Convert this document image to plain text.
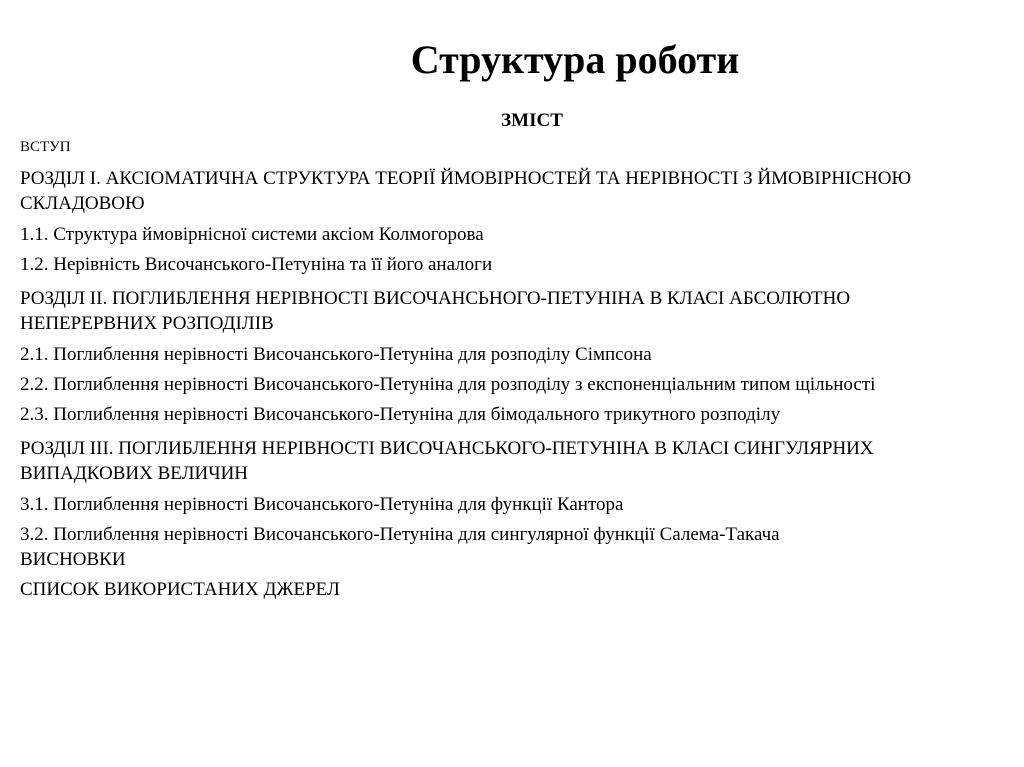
Структура роботи
ЗМІСТ

ВСТУП

РОЗДІЛ І. АКСІОМАТИЧНА СТРУКТУРА ТЕОРІЇ ЙМОВІРНОСТЕЙ ТА НЕРІВНОСТІ З ЙМОВІРНІСНОЮ СКЛАДОВОЮ

1.1. Структура ймовірнісної системи аксіом Колмогорова

1.2. Нерівність Височанського-Петуніна та її його аналоги

РОЗДІЛ ІІ. ПОГЛИБЛЕННЯ НЕРІВНОСТІ ВИСОЧАНСЬНОГО-ПЕТУНІНА В КЛАСІ АБСОЛЮТНО НЕПЕРЕРВНИХ РОЗПОДІЛІВ

2.1. Поглиблення нерівності Височанського-Петуніна для розподілу Сімпсона

2.2. Поглиблення нерівності Височанського-Петуніна для розподілу з експоненціальним типом щільності

2.3. Поглиблення нерівності Височанського-Петуніна для бімодального трикутного розподілу

РОЗДІЛ ІІІ. ПОГЛИБЛЕННЯ НЕРІВНОСТІ ВИСОЧАНСЬКОГО-ПЕТУНІНА В КЛАСІ СИНГУЛЯРНИХ ВИПАДКОВИХ ВЕЛИЧИН

3.1. Поглиблення нерівності Височанського-Петуніна для функції Кантора

3.2. Поглиблення нерівності Височанського-Петуніна для сингулярної функції Салема-Такача

ВИСНОВКИ

СПИСОК ВИКОРИСТАНИХ ДЖЕРЕЛ
